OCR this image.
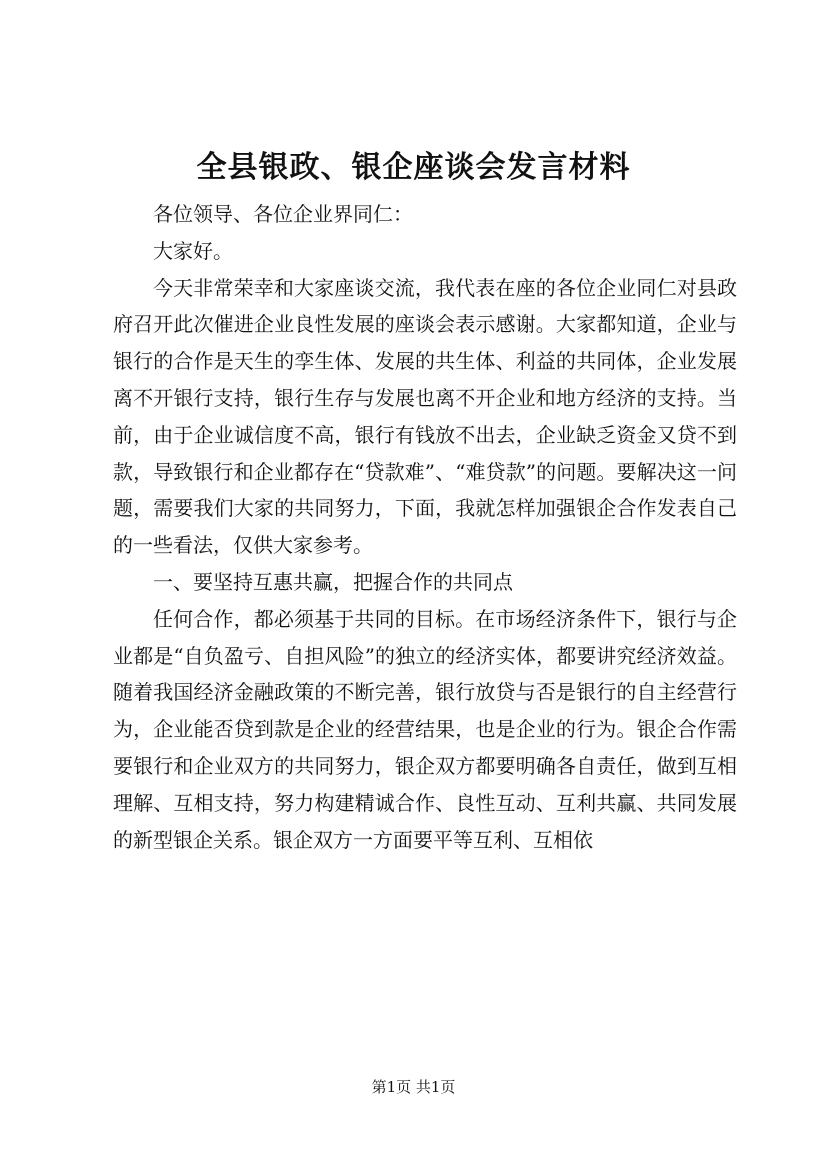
全县银政、银企座谈会发言材料

各位领导、各位企业界同仁：

大家好。

今天非常荣幸和大家座谈交流，我代表在座的各位企业同仁对县政府召开此次催进企业良性发展的座谈会表示感谢。大家都知道，企业与银行的合作是天生的孪生体、发展的共生体、利益的共同体，企业发展离不开银行支持，银行生存与发展也离不开企业和地方经济的支持。当前，由于企业诚信度不高，银行有钱放不出去，企业缺乏资金又贷不到款，导致银行和企业都存在“贷款难”、“难贷款”的问题。要解决这一问题，需要我们大家的共同努力，下面，我就怎样加强银企合作发表自己的一些看法，仅供大家参考。

一、要坚持互惠共赢，把握合作的共同点

任何合作，都必须基于共同的目标。在市场经济条件下，银行与企业都是“自负盈亏、自担风险”的独立的经济实体，都要讲究经济效益。随着我国经济金融政策的不断完善，银行放贷与否是银行的自主经营行为，企业能否贷到款是企业的经营结果，也是企业的行为。银企合作需要银行和企业双方的共同努力，银企双方都要明确各自责任，做到互相理解、互相支持，努力构建精诚合作、良性互动、互利共赢、共同发展的新型银企关系。银企双方一方面要平等互利、互相依

第1页 共1页
